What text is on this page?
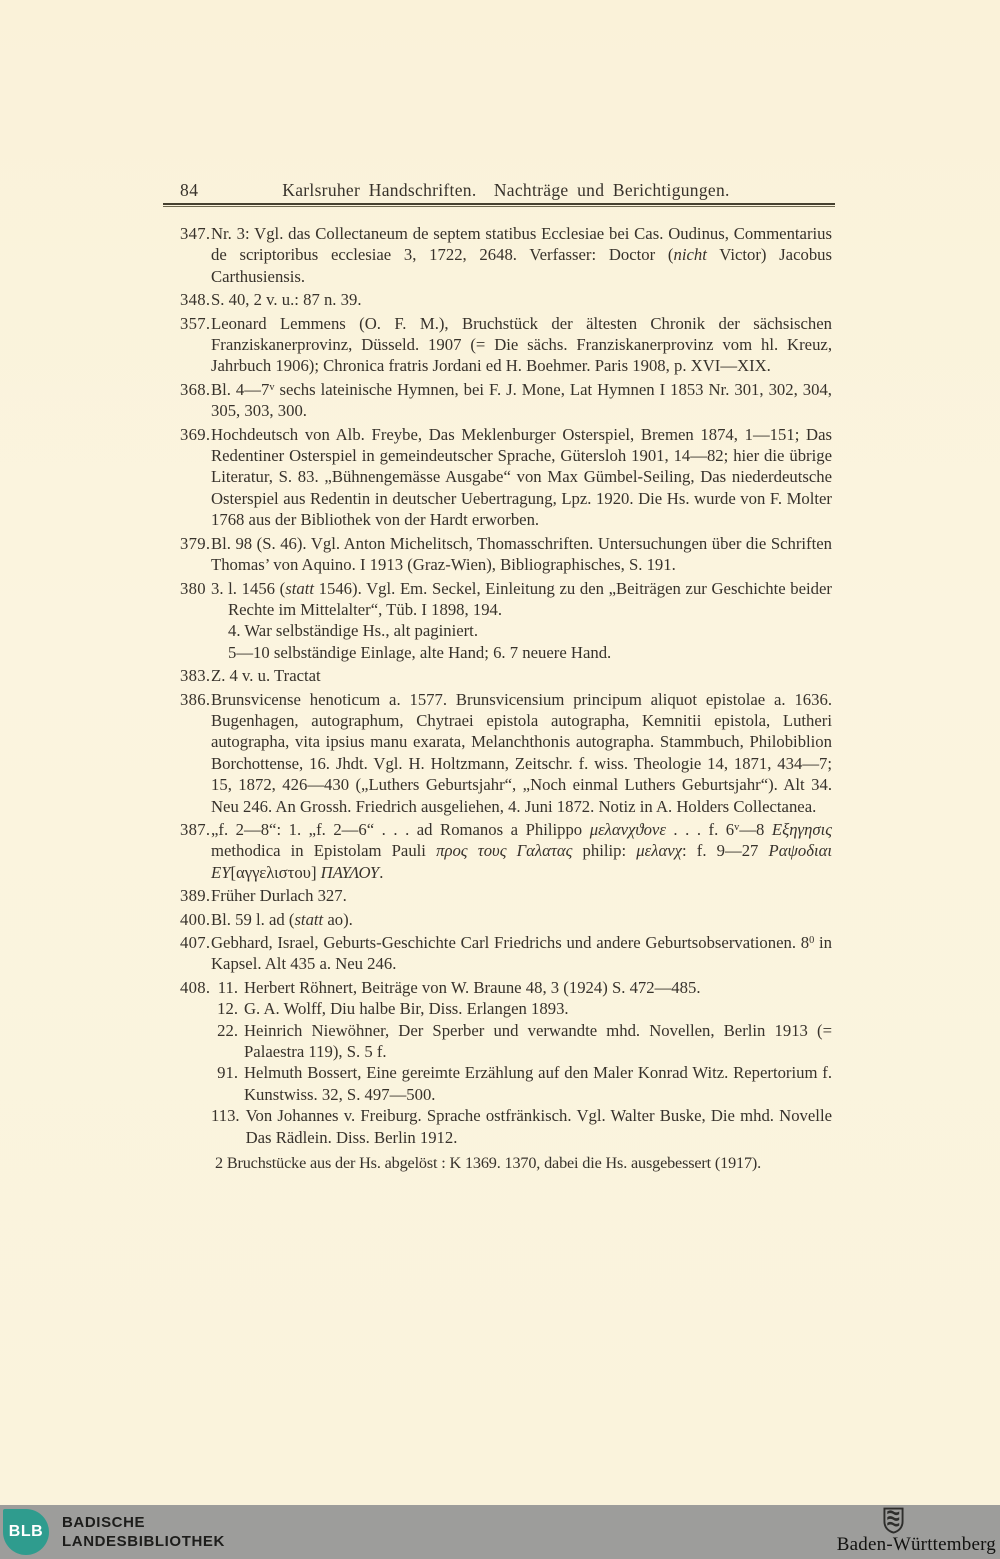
84	Karlsruher Handschriften.  Nachträge und Berichtigungen.
347. Nr. 3: Vgl. das Collectaneum de septem statibus Ecclesiae bei Cas. Oudinus, Commentarius de scriptoribus ecclesiae 3, 1722, 2648. Verfasser: Doctor (nicht Victor) Jacobus Carthusiensis.
348. S. 40, 2 v. u.: 87 n. 39.
357. Leonard Lemmens (O. F. M.), Bruchstück der ältesten Chronik der sächsischen Franziskanerprovinz, Düsseld. 1907 (= Die sächs. Franziskanerprovinz vom hl. Kreuz, Jahrbuch 1906); Chronica fratris Jordani ed H. Boehmer. Paris 1908, p. XVI—XIX.
368. Bl. 4—7$^v$ sechs lateinische Hymnen, bei F. J. Mone, Lat Hymnen I 1853 Nr. 301, 302, 304, 305, 303, 300.
369. Hochdeutsch von Alb. Freybe, Das Meklenburger Osterspiel, Bremen 1874, 1—151; Das Redentiner Osterspiel in gemeindeutscher Sprache, Gütersloh 1901, 14—82; hier die übrige Literatur, S. 83. „Bühnengemässe Ausgabe“ von Max Gümbel-Seiling, Das niederdeutsche Osterspiel aus Redentin in deutscher Uebertragung, Lpz. 1920. Die Hs. wurde von F. Molter 1768 aus der Bibliothek von der Hardt erworben.
379. Bl. 98 (S. 46). Vgl. Anton Michelitsch, Thomasschriften. Untersuchungen über die Schriften Thomas’ von Aquino. I 1913 (Graz-Wien), Bibliographisches, S. 191.
380 3. l. 1456 (statt 1546). Vgl. Em. Seckel, Einleitung zu den „Beiträgen zur Geschichte beider Rechte im Mittelalter“, Tüb. I 1898, 194.
4. War selbständige Hs., alt paginiert.
5—10 selbständige Einlage, alte Hand; 6. 7 neuere Hand.
383. Z. 4 v. u. Tractat
386. Brunsvicense henoticum a. 1577. Brunsvicensium principum aliquot epistolae a. 1636. Bugenhagen, autographum, Chytraei epistola autographa, Kemnitii epistola, Lutheri autographa, vita ipsius manu exarata, Melanchthonis autographa. Stammbuch, Philobiblion Borchottense, 16. Jhdt. Vgl. H. Holtzmann, Zeitschr. f. wiss. Theologie 14, 1871, 434—7; 15, 1872, 426—430 („Luthers Geburtsjahr“, „Noch einmal Luthers Geburtsjahr“). Alt 34. Neu 246. An Grossh. Friedrich ausgeliehen, 4. Juni 1872. Notiz in A. Holders Collectanea.
387. „f. 2—8“: 1. „f. 2—6“ . . . ad Romanos a Philippo μελανχϑονε . . . f. 6$^v$—8 Εξηγησις methodica in Epistolam Pauli προς τους Γαλατας philip: μελανχ: f. 9—27 Ραψοδιαι ΕΥ[αγγελιστου] ΠΑΥΛΟΥ.
389. Früher Durlach 327.
400. Bl. 59 l. ad (statt ao).
407. Gebhard, Israel, Geburts-Geschichte Carl Friedrichs und andere Geburtsobservationen. $8^0$ in Kapsel. Alt 435 a. Neu 246.
408. 11. Herbert Röhnert, Beiträge von W. Braune 48, 3 (1924) S. 472—485.
12. G. A. Wolff, Diu halbe Bir, Diss. Erlangen 1893.
22. Heinrich Niewöhner, Der Sperber und verwandte mhd. Novellen, Berlin 1913 (= Palaestra 119), S. 5 f.
91. Helmuth Bossert, Eine gereimte Erzählung auf den Maler Konrad Witz. Repertorium f. Kunstwiss. 32, S. 497—500.
113. Von Johannes v. Freiburg. Sprache ostfränkisch. Vgl. Walter Buske, Die mhd. Novelle Das Rädlein. Diss. Berlin 1912.
2 Bruchstücke aus der Hs. abgelöst : K 1369. 1370, dabei die Hs. ausgebessert (1917).
BLB
BADISCHE
LANDESBIBLIOTHEK	Baden-Württemberg
